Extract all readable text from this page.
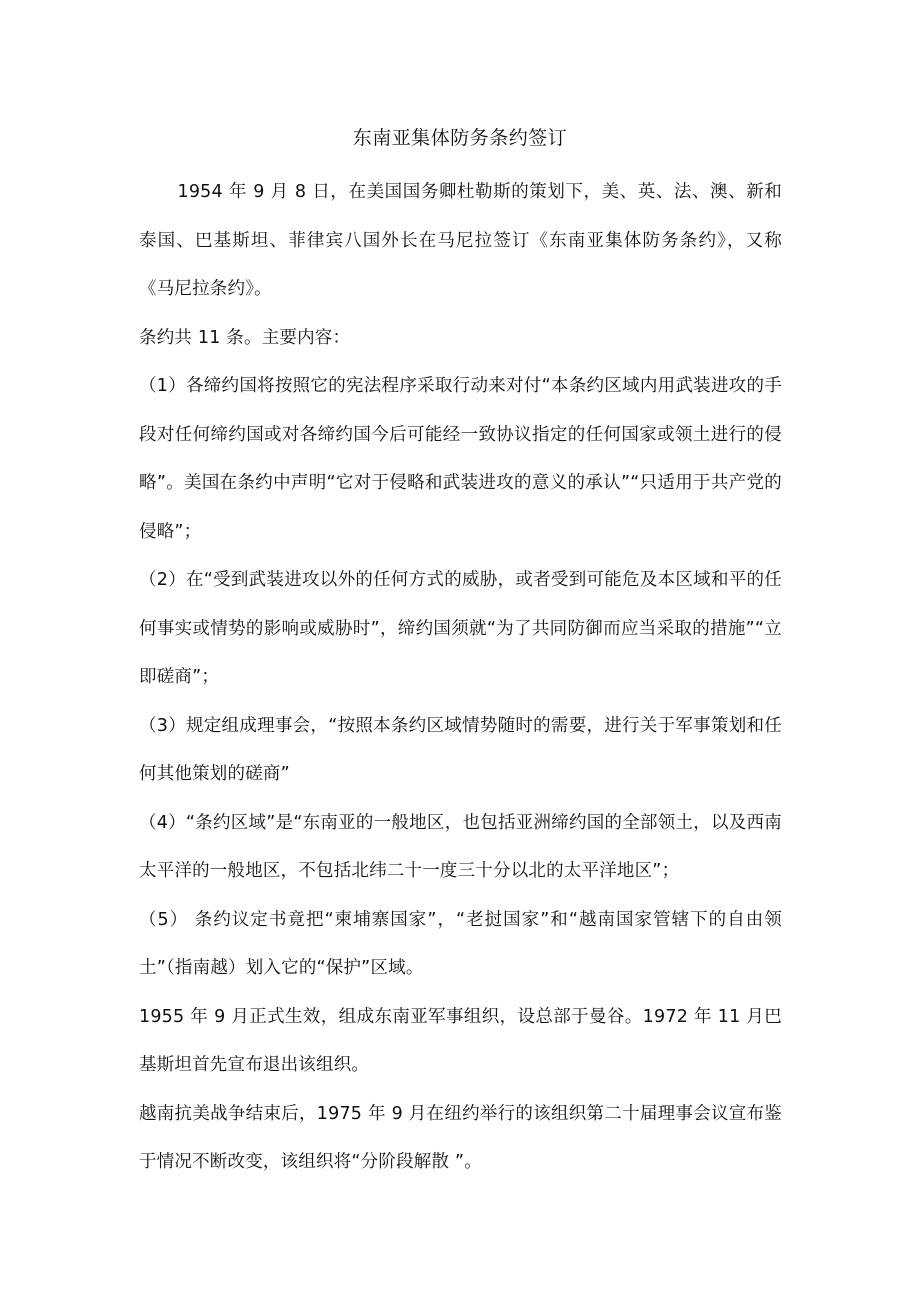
东南亚集体防务条约签订

1954 年 9 月 8 日，在美国国务卿杜勒斯的策划下，美、英、法、澳、新和泰国、巴基斯坦、菲律宾八国外长在马尼拉签订《东南亚集体防务条约》，又称《马尼拉条约》。

条约共 11 条。主要内容：

（1）各缔约国将按照它的宪法程序采取行动来对付“本条约区域内用武装进攻的手段对任何缔约国或对各缔约国今后可能经一致协议指定的任何国家或领土进行的侵略”。美国在条约中声明“它对于侵略和武装进攻的意义的承认”“只适用于共产党的侵略”；

（2）在“受到武装进攻以外的任何方式的威胁，或者受到可能危及本区域和平的任何事实或情势的影响或威胁时”，缔约国须就“为了共同防御而应当采取的措施”“立即磋商”；

（3）规定组成理事会，“按照本条约区域情势随时的需要，进行关于军事策划和任何其他策划的磋商”

（4）“条约区域”是“东南亚的一般地区，也包括亚洲缔约国的全部领土，以及西南太平洋的一般地区，不包括北纬二十一度三十分以北的太平洋地区”；

（5） 条约议定书竟把“柬埔寨国家”，“老挝国家”和“越南国家管辖下的自由领土”（指南越）划入它的“保护”区域。

1955 年 9 月正式生效，组成东南亚军事组织，设总部于曼谷。1972 年 11 月巴基斯坦首先宣布退出该组织。

越南抗美战争结束后，1975 年 9 月在纽约举行的该组织第二十届理事会议宣布鉴于情况不断改变，该组织将“分阶段解散 ”。
